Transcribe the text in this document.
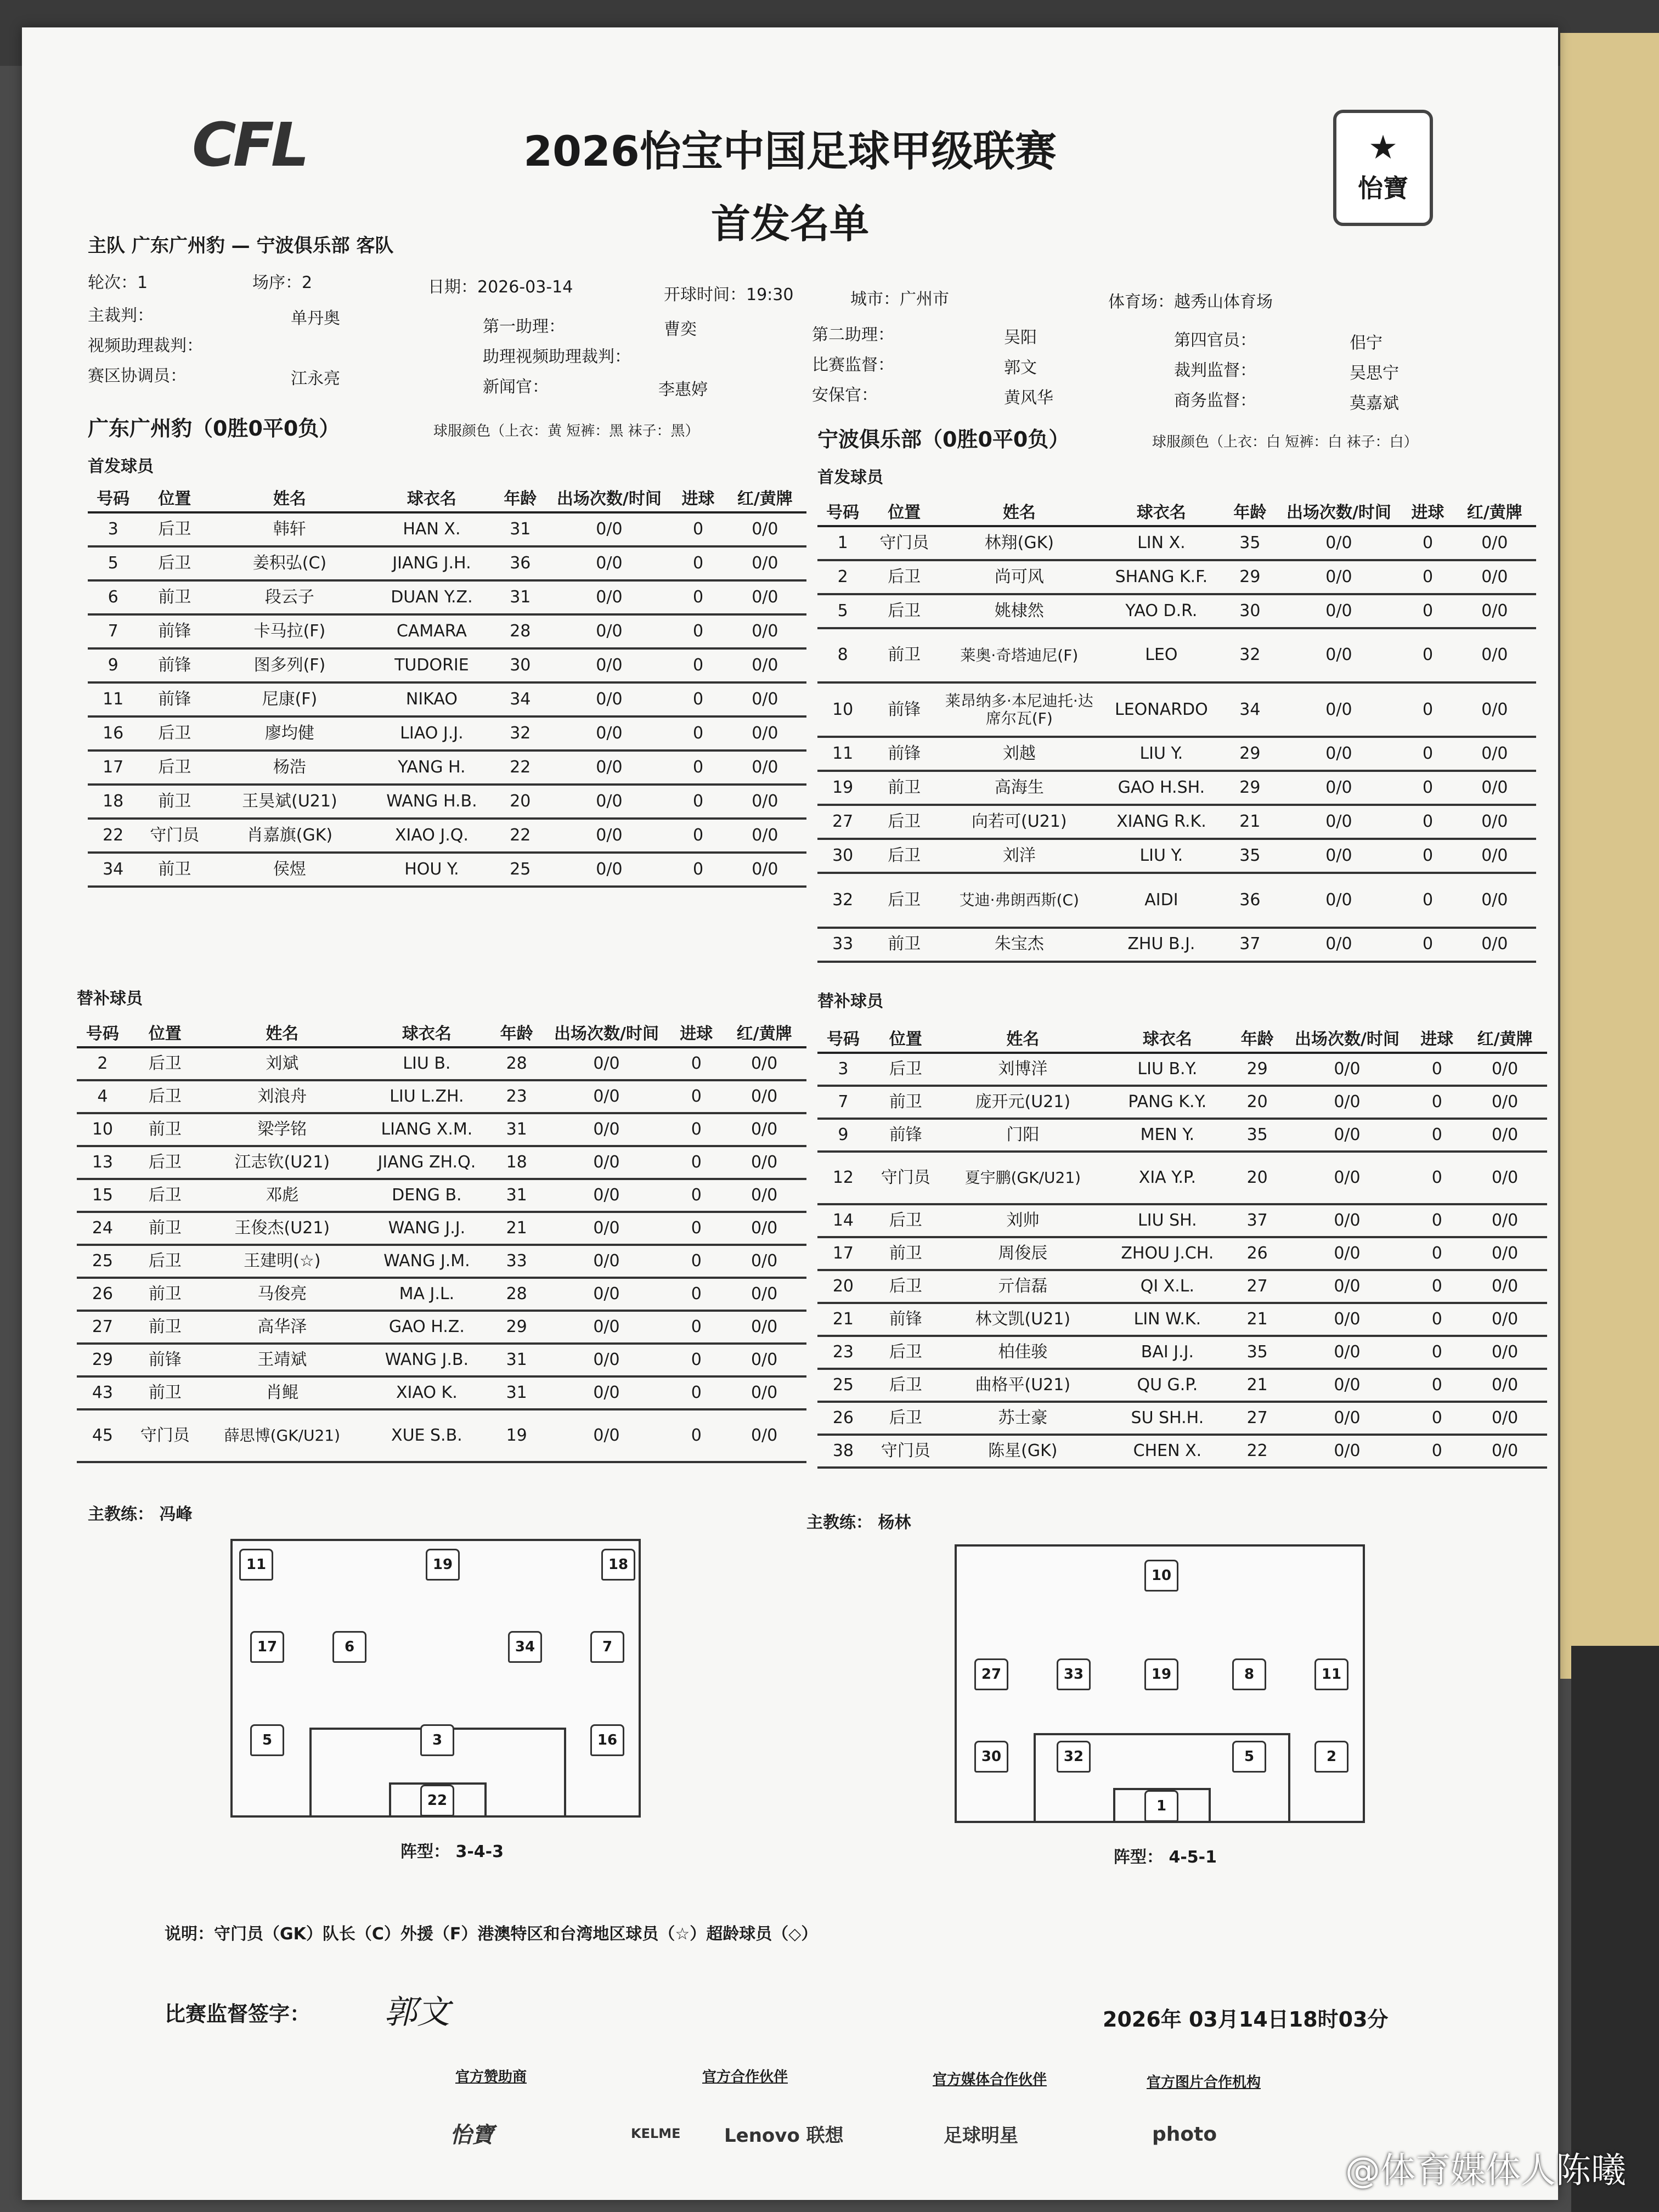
CFL	★
怡寶
2026怡宝中国足球甲级联赛
首发名单
主队 广东广州豹 — 宁波俱乐部 客队
轮次：1	场序：2	日期：2026-03-14	开球时间：19:30	城市：广州市	体育场：越秀山体育场
主裁判：	单丹奥
视频助理裁判：
赛区协调员：	江永亮
第一助理：	曹奕
助理视频助理裁判：
新闻官：	李惠婷
第二助理：	吴阳
比赛监督：	郭文
安保官：	黄风华
第四官员：	佀宁
裁判监督：	吴思宁
商务监督：	莫嘉斌
广东广州豹（0胜0平0负）	球服颜色（上衣：黄 短裤：黑 袜子：黑）
首发球员
宁波俱乐部（0胜0平0负）	球服颜色（上衣：白 短裤：白 袜子：白）
首发球员
号码	位置	姓名	球衣名	年龄	出场次数/时间	进球	红/黄牌
3	后卫	韩轩	HAN X.	31	0/0	0	0/0
5	后卫	姜积弘(C)	JIANG J.H.	36	0/0	0	0/0
6	前卫	段云子	DUAN Y.Z.	31	0/0	0	0/0
7	前锋	卡马拉(F)	CAMARA	28	0/0	0	0/0
9	前锋	图多列(F)	TUDORIE	30	0/0	0	0/0
11	前锋	尼康(F)	NIKAO	34	0/0	0	0/0
16	后卫	廖均健	LIAO J.J.	32	0/0	0	0/0
17	后卫	杨浩	YANG H.	22	0/0	0	0/0
18	前卫	王昊斌(U21)	WANG H.B.	20	0/0	0	0/0
22	守门员	肖嘉旗(GK)	XIAO J.Q.	22	0/0	0	0/0
34	前卫	侯煜	HOU Y.	25	0/0	0	0/0
号码	位置	姓名	球衣名	年龄	出场次数/时间	进球	红/黄牌
1	守门员	林翔(GK)	LIN X.	35	0/0	0	0/0
2	后卫	尚可风	SHANG K.F.	29	0/0	0	0/0
5	后卫	姚棣然	YAO D.R.	30	0/0	0	0/0
8	前卫	莱奥·奇塔迪尼(F)	LEO	32	0/0	0	0/0
10	前锋	莱昂纳多·本尼迪托·达席尔瓦(F)	LEONARDO	34	0/0	0	0/0
11	前锋	刘越	LIU Y.	29	0/0	0	0/0
19	前卫	高海生	GAO H.SH.	29	0/0	0	0/0
27	后卫	向若可(U21)	XIANG R.K.	21	0/0	0	0/0
30	后卫	刘洋	LIU Y.	35	0/0	0	0/0
32	后卫	艾迪·弗朗西斯(C)	AIDI	36	0/0	0	0/0
33	前卫	朱宝杰	ZHU B.J.	37	0/0	0	0/0
替补球员	替补球员
号码	位置	姓名	球衣名	年龄	出场次数/时间	进球	红/黄牌
2	后卫	刘斌	LIU B.	28	0/0	0	0/0
4	后卫	刘浪舟	LIU L.ZH.	23	0/0	0	0/0
10	前卫	梁学铭	LIANG X.M.	31	0/0	0	0/0
13	后卫	江志钦(U21)	JIANG ZH.Q.	18	0/0	0	0/0
15	后卫	邓彪	DENG B.	31	0/0	0	0/0
24	前卫	王俊杰(U21)	WANG J.J.	21	0/0	0	0/0
25	后卫	王建明(☆)	WANG J.M.	33	0/0	0	0/0
26	前卫	马俊亮	MA J.L.	28	0/0	0	0/0
27	前卫	高华泽	GAO H.Z.	29	0/0	0	0/0
29	前锋	王靖斌	WANG J.B.	31	0/0	0	0/0
43	前卫	肖鲲	XIAO K.	31	0/0	0	0/0
45	守门员	薛思博(GK/U21)	XUE S.B.	19	0/0	0	0/0
号码	位置	姓名	球衣名	年龄	出场次数/时间	进球	红/黄牌
3	后卫	刘博洋	LIU B.Y.	29	0/0	0	0/0
7	前卫	庞开元(U21)	PANG K.Y.	20	0/0	0	0/0
9	前锋	门阳	MEN Y.	35	0/0	0	0/0
12	守门员	夏宇鹏(GK/U21)	XIA Y.P.	20	0/0	0	0/0
14	后卫	刘帅	LIU SH.	37	0/0	0	0/0
17	前卫	周俊辰	ZHOU J.CH.	26	0/0	0	0/0
20	后卫	亓信磊	QI X.L.	27	0/0	0	0/0
21	前锋	林文凯(U21)	LIN W.K.	21	0/0	0	0/0
23	后卫	柏佳骏	BAI J.J.	35	0/0	0	0/0
25	后卫	曲格平(U21)	QU G.P.	21	0/0	0	0/0
26	后卫	苏士豪	SU SH.H.	27	0/0	0	0/0
38	守门员	陈星(GK)	CHEN X.	22	0/0	0	0/0
主教练： 冯峰	主教练： 杨林
11	19	18
17	6	34	7
5	3	16
22
阵型： 3-4-3
10
27	33	19	8	11
30	32	5	2
1
阵型： 4-5-1
说明：守门员（GK）队长（C）外援（F）港澳特区和台湾地区球员（☆）超龄球员（◇）
比赛监督签字： 郭文	2026年 03月14日18时03分
官方赞助商	官方合作伙伴	官方媒体合作伙伴	官方图片合作机构
怡寶	KELME Lenovo 联想	足球明星	photo
@体育媒体人陈曦
